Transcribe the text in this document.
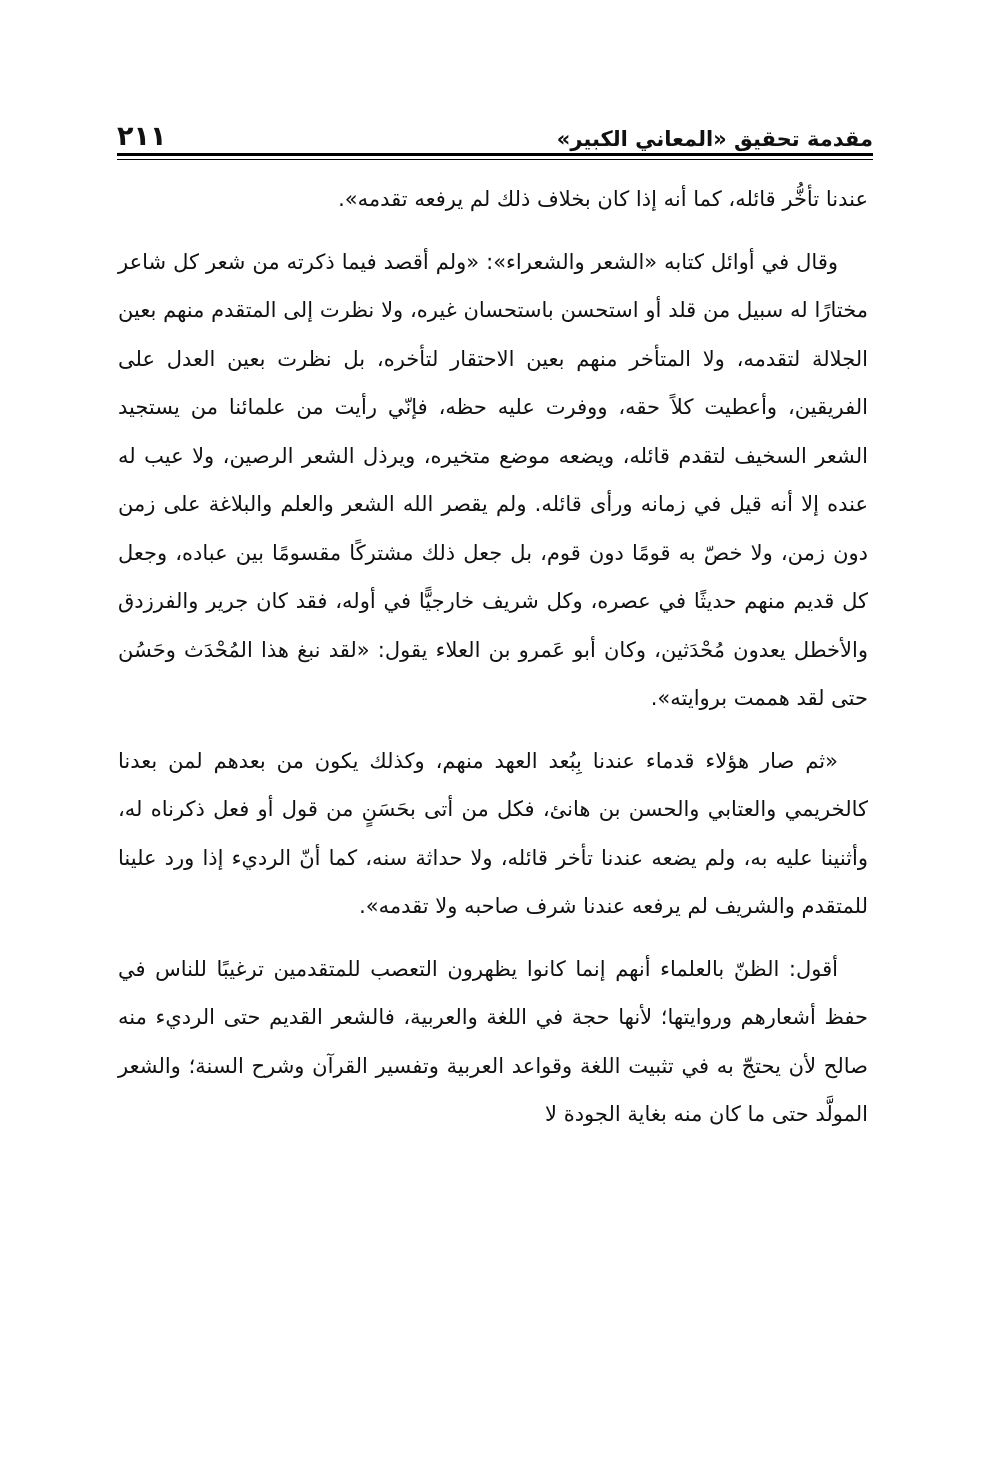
مقدمة تحقيق «المعاني الكبير»
٢١١

عندنا تأخُّر قائله، كما أنه إذا كان بخلاف ذلك لم يرفعه تقدمه».

وقال في أوائل كتابه «الشعر والشعراء»: «ولم أقصد فيما ذكرته من شعر كل شاعر مختارًا له سبيل من قلد أو استحسن باستحسان غيره، ولا نظرت إلى المتقدم منهم بعين الجلالة لتقدمه، ولا المتأخر منهم بعين الاحتقار لتأخره، بل نظرت بعين العدل على الفريقين، وأعطيت كلاً حقه، ووفرت عليه حظه، فإنّي رأيت من علمائنا من يستجيد الشعر السخيف لتقدم قائله، ويضعه موضع متخيره، ويرذل الشعر الرصين، ولا عيب له عنده إلا أنه قيل في زمانه ورأى قائله. ولم يقصر الله الشعر والعلم والبلاغة على زمن دون زمن، ولا خصّ به قومًا دون قوم، بل جعل ذلك مشتركًا مقسومًا بين عباده، وجعل كل قديم منهم حديثًا في عصره، وكل شريف خارجيًّا في أوله، فقد كان جرير والفرزدق والأخطل يعدون مُحْدَثين، وكان أبو عَمرو بن العلاء يقول: «لقد نبغ هذا المُحْدَث وحَسُن حتى لقد هممت بروايته».

«ثم صار هؤلاء قدماء عندنا بِبُعد العهد منهم، وكذلك يكون من بعدهم لمن بعدنا كالخريمي والعتابي والحسن بن هانئ، فكل من أتى بحَسَنٍ من قول أو فعل ذكرناه له، وأثنينا عليه به، ولم يضعه عندنا تأخر قائله، ولا حداثة سنه، كما أنّ الرديء إذا ورد علينا للمتقدم والشريف لم يرفعه عندنا شرف صاحبه ولا تقدمه».

أقول: الظنّ بالعلماء أنهم إنما كانوا يظهرون التعصب للمتقدمين ترغيبًا للناس في حفظ أشعارهم وروايتها؛ لأنها حجة في اللغة والعربية، فالشعر القديم حتى الرديء منه صالح لأن يحتجّ به في تثبيت اللغة وقواعد العربية وتفسير القرآن وشرح السنة؛ والشعر المولَّد حتى ما كان منه بغاية الجودة لا
